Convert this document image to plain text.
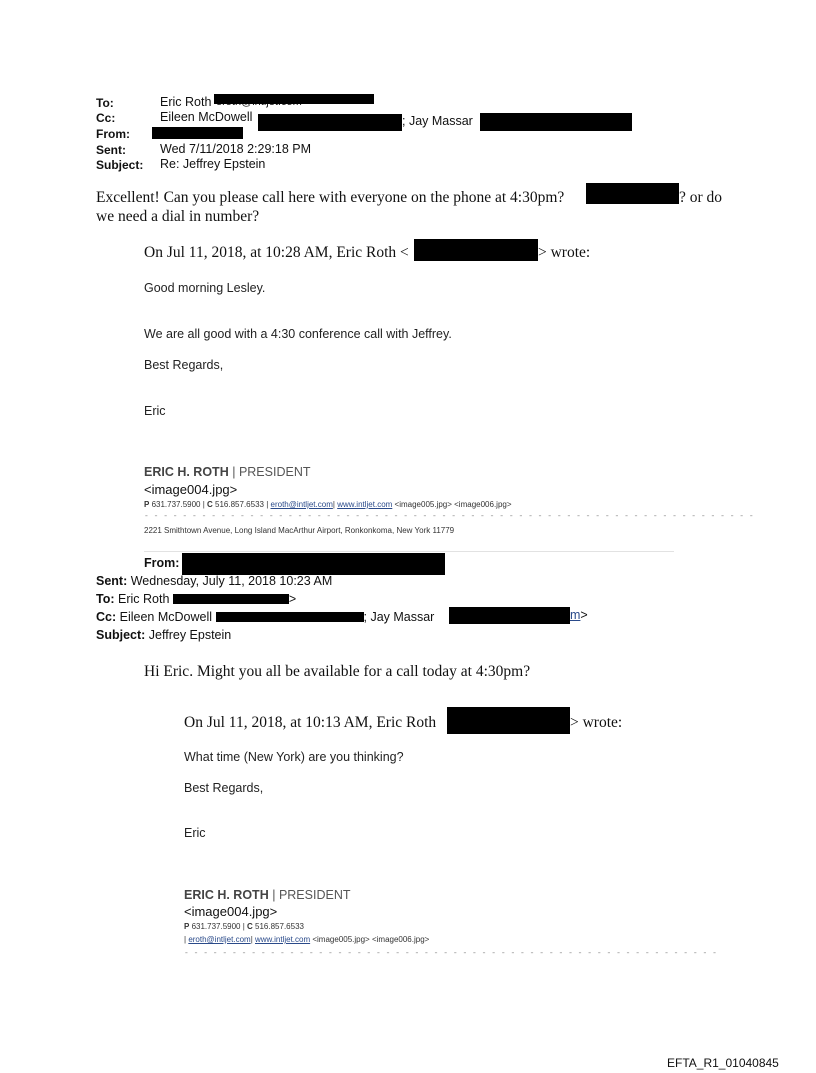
To:	Eric Roth
Cc:	Eileen McDowell	; Jay Massar
From:
Sent:	Wed 7/11/2018 2:29:18 PM
Subject: Re: Jeffrey Epstein
Excellent! Can you please call here with everyone on the phone at 4:30pm?	? or do
we need a dial in number?
On Jul 11, 2018, at 10:28 AM, Eric Roth <	> wrote:
Good morning Lesley.
We are all good with a 4:30 conference call with Jeffrey.
Best Regards,
Eric
ERIC H. ROTH | PRESIDENT
<image004.jpg>
P 631.737.5900 | C 516.857.6533 | eroth@intljet.com| www.intljet.com <image005.jpg> <image006.jpg>
- - - - - - - - - - - - - - - - - - - - - - - - - - - - - - - - - - - - - - - - - - - - - - - - - - - - - - - - - - - - - - - -
2221 Smithtown Avenue, Long Island MacArthur Airport, Ronkonkoma, New York 11779
From:
Sent: Wednesday, July 11, 2018 10:23 AM
To: Eric Roth	>
Cc: Eileen McDowell	; Jay Massar	m>
Subject: Jeffrey Epstein
Hi Eric. Might you all be available for a call today at 4:30pm?
On Jul 11, 2018, at 10:13 AM, Eric Roth	> wrote:
What time (New York) are you thinking?
Best Regards,
Eric
ERIC H. ROTH | PRESIDENT
<image004.jpg>
P 631.737.5900 | C 516.857.6533
| eroth@intljet.com| www.intljet.com <image005.jpg> <image006.jpg>
- - - - - - - - - - - - - - - - - - - - - - - - - - - - - - - - - - - - - - - - - - - - - - - - - - - - - - - -
EFTA_R1_01040845
